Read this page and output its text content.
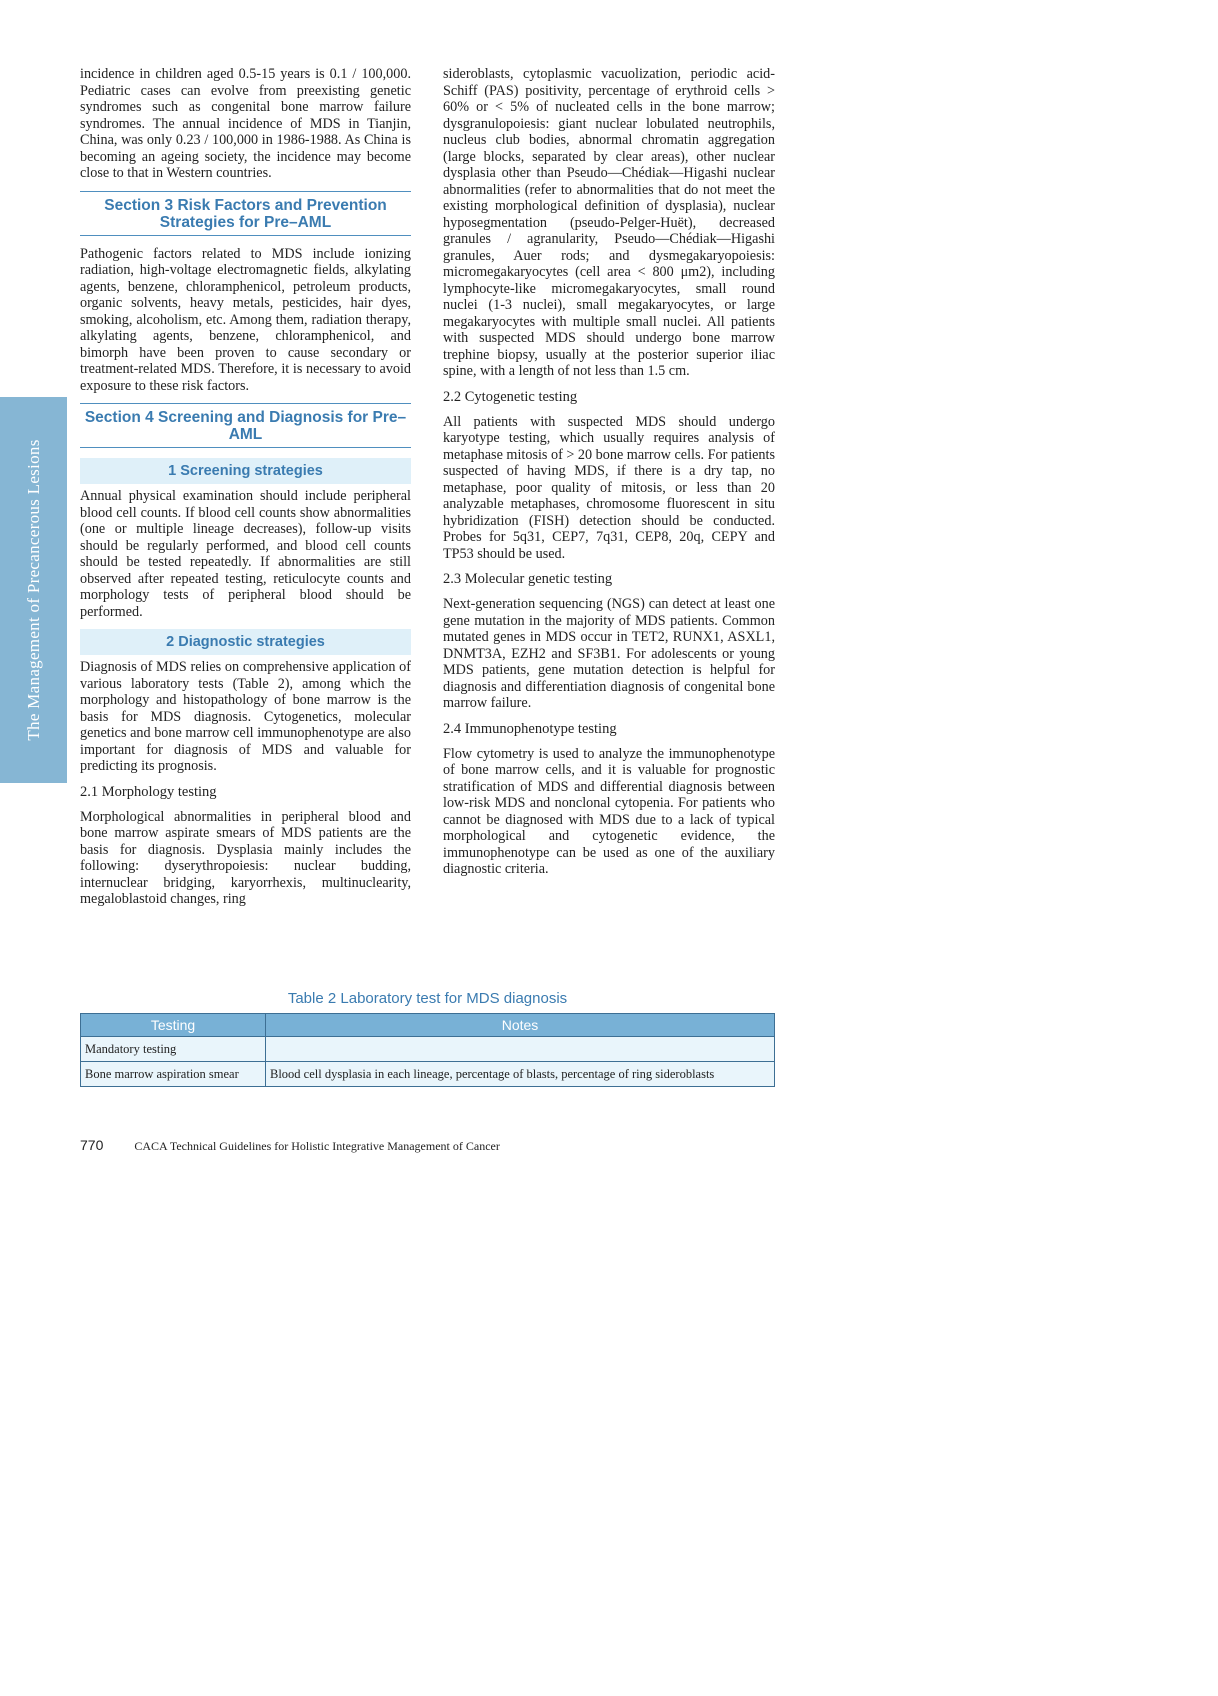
The Management of Precancerous Lesions

incidence in children aged 0.5-15 years is 0.1 / 100,000. Pediatric cases can evolve from preexisting genetic syndromes such as congenital bone marrow failure syndromes. The annual incidence of MDS in Tianjin, China, was only 0.23 / 100,000 in 1986-1988. As China is becoming an ageing society, the incidence may become close to that in Western countries.

Section 3 Risk Factors and Prevention Strategies for Pre–AML

Pathogenic factors related to MDS include ionizing radiation, high-voltage electromagnetic fields, alkylating agents, benzene, chloramphenicol, petroleum products, organic solvents, heavy metals, pesticides, hair dyes, smoking, alcoholism, etc. Among them, radiation therapy, alkylating agents, benzene, chloramphenicol, and bimorph have been proven to cause secondary or treatment-related MDS. Therefore, it is necessary to avoid exposure to these risk factors.

Section 4 Screening and Diagnosis for Pre–AML
1 Screening strategies

Annual physical examination should include peripheral blood cell counts. If blood cell counts show abnormalities (one or multiple lineage decreases), follow-up visits should be regularly performed, and blood cell counts should be tested repeatedly. If abnormalities are still observed after repeated testing, reticulocyte counts and morphology tests of peripheral blood should be performed.

2 Diagnostic strategies

Diagnosis of MDS relies on comprehensive application of various laboratory tests (Table 2), among which the morphology and histopathology of bone marrow is the basis for MDS diagnosis. Cytogenetics, molecular genetics and bone marrow cell immunophenotype are also important for diagnosis of MDS and valuable for predicting its prognosis.

2.1 Morphology testing

Morphological abnormalities in peripheral blood and bone marrow aspirate smears of MDS patients are the basis for diagnosis. Dysplasia mainly includes the following: dyserythropoiesis: nuclear budding, internuclear bridging, karyorrhexis, multinuclearity, megaloblastoid changes, ring

sideroblasts, cytoplasmic vacuolization, periodic acid-Schiff (PAS) positivity, percentage of erythroid cells > 60% or < 5% of nucleated cells in the bone marrow; dysgranulopoiesis: giant nuclear lobulated neutrophils, nucleus club bodies, abnormal chromatin aggregation (large blocks, separated by clear areas), other nuclear dysplasia other than Pseudo—Chédiak—Higashi nuclear abnormalities (refer to abnormalities that do not meet the existing morphological definition of dysplasia), nuclear hyposegmentation (pseudo-Pelger-Huët), decreased granules / agranularity, Pseudo—Chédiak—Higashi granules, Auer rods; and dysmegakaryopoiesis: micromegakaryocytes (cell area < 800 μm2), including lymphocyte-like micromegakaryocytes, small round nuclei (1-3 nuclei), small megakaryocytes, or large megakaryocytes with multiple small nuclei. All patients with suspected MDS should undergo bone marrow trephine biopsy, usually at the posterior superior iliac spine, with a length of not less than 1.5 cm.

2.2 Cytogenetic testing

All patients with suspected MDS should undergo karyotype testing, which usually requires analysis of metaphase mitosis of > 20 bone marrow cells. For patients suspected of having MDS, if there is a dry tap, no metaphase, poor quality of mitosis, or less than 20 analyzable metaphases, chromosome fluorescent in situ hybridization (FISH) detection should be conducted. Probes for 5q31, CEP7, 7q31, CEP8, 20q, CEPY and TP53 should be used.

2.3 Molecular genetic testing

Next-generation sequencing (NGS) can detect at least one gene mutation in the majority of MDS patients. Common mutated genes in MDS occur in TET2, RUNX1, ASXL1, DNMT3A, EZH2 and SF3B1. For adolescents or young MDS patients, gene mutation detection is helpful for diagnosis and differentiation diagnosis of congenital bone marrow failure.

2.4 Immunophenotype testing

Flow cytometry is used to analyze the immunophenotype of bone marrow cells, and it is valuable for prognostic stratification of MDS and differential diagnosis between low-risk MDS and nonclonal cytopenia. For patients who cannot be diagnosed with MDS due to a lack of typical morphological and cytogenetic evidence, the immunophenotype can be used as one of the auxiliary diagnostic criteria.

Table 2 Laboratory test for MDS diagnosis
Testing	Notes
Mandatory testing	
Bone marrow aspiration smear	Blood cell dysplasia in each lineage, percentage of blasts, percentage of ring sideroblasts
770	CACA Technical Guidelines for Holistic Integrative Management of Cancer
